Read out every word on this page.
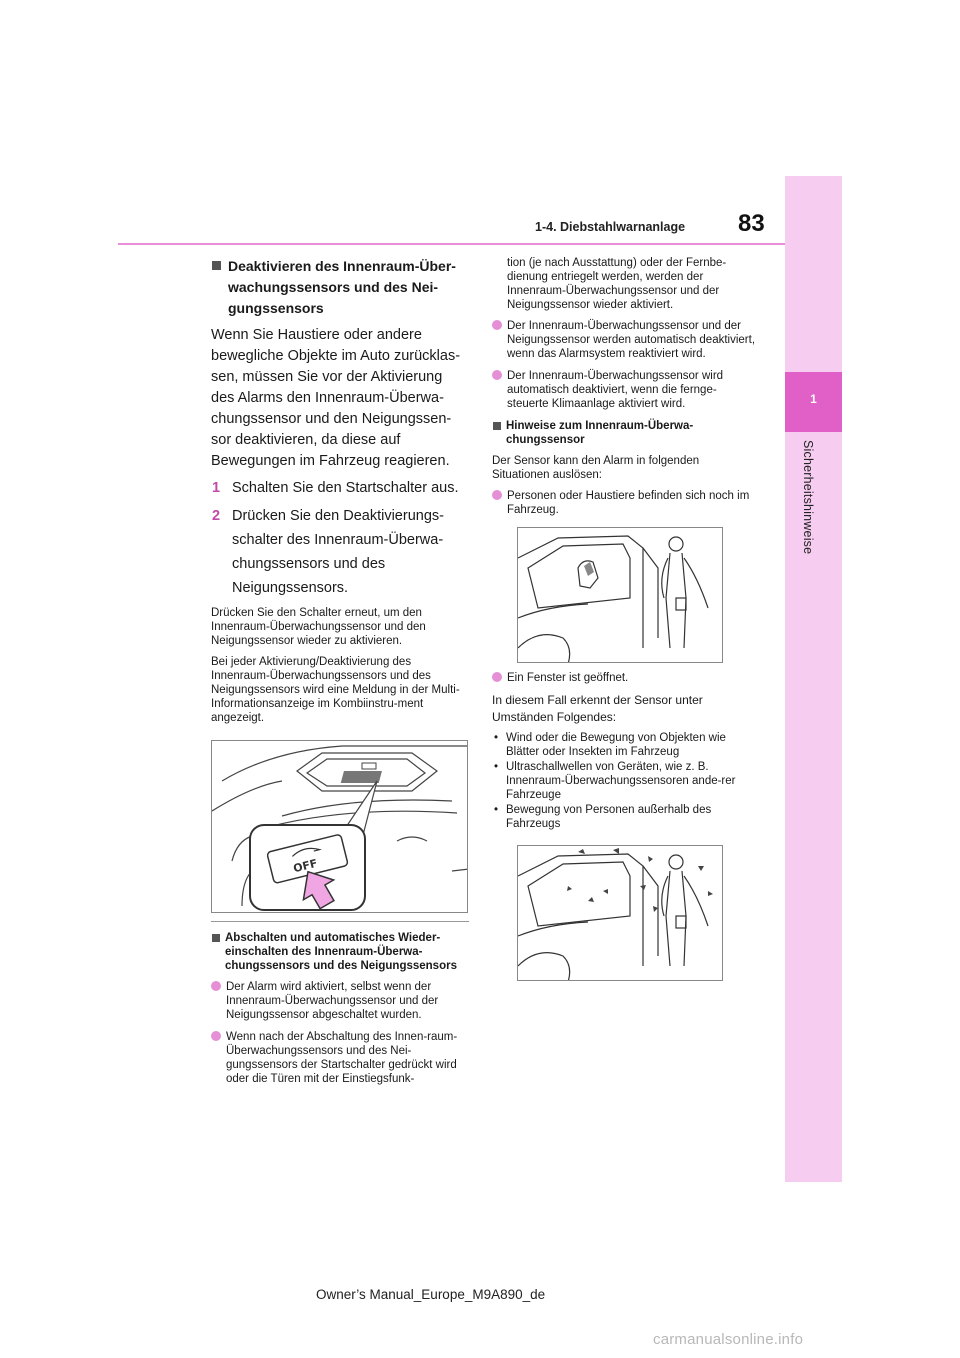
1
Sicherheitshinweise
1-4. Diebstahlwarnanlage 83
Deaktivieren des Innenraum-Über-wachungssensors und des Nei-gungssensors
Wenn Sie Haustiere oder andere bewegliche Objekte im Auto zurücklas-sen, müssen Sie vor der Aktivierung des Alarms den Innenraum-Überwa-chungssensor und den Neigungssen-sor deaktivieren, da diese auf Bewegungen im Fahrzeug reagieren.
1 Schalten Sie den Startschalter aus.
2 Drücken Sie den Deaktivierungs-schalter des Innenraum-Überwa-chungssensors und des Neigungssensors.
Drücken Sie den Schalter erneut, um den Innenraum-Überwachungssensor und den Neigungssensor wieder zu aktivieren.
Bei jeder Aktivierung/Deaktivierung des Innenraum-Überwachungssensors und des Neigungssensors wird eine Meldung in der Multi-Informationsanzeige im Kombiinstru-ment angezeigt.
OFF
Abschalten und automatisches Wieder-einschalten des Innenraum-Überwa-chungssensors und des Neigungssensors
Der Alarm wird aktiviert, selbst wenn der Innenraum-Überwachungssensor und der Neigungssensor abgeschaltet wurden.
Wenn nach der Abschaltung des Innen-raum-Überwachungssensors und des Nei-gungssensors der Startschalter gedrückt wird oder die Türen mit der Einstiegsfunk-
tion (je nach Ausstattung) oder der Fernbe-dienung entriegelt werden, werden der Innenraum-Überwachungssensor und der Neigungssensor wieder aktiviert.
Der Innenraum-Überwachungssensor und der Neigungssensor werden automatisch deaktiviert, wenn das Alarmsystem reaktiviert wird.
Der Innenraum-Überwachungssensor wird automatisch deaktiviert, wenn die fernge-steuerte Klimaanlage aktiviert wird.
Hinweise zum Innenraum-Überwa-chungssensor
Der Sensor kann den Alarm in folgenden Situationen auslösen:
Personen oder Haustiere befinden sich noch im Fahrzeug.
Ein Fenster ist geöffnet.
In diesem Fall erkennt der Sensor unter
Umständen Folgendes:
• Wind oder die Bewegung von Objekten wie Blätter oder Insekten im Fahrzeug
• Ultraschallwellen von Geräten, wie z. B. Innenraum-Überwachungssensoren ande-rer Fahrzeuge
• Bewegung von Personen außerhalb des Fahrzeugs
Owner’s Manual_Europe_M9A890_de
carmanualsonline.info
